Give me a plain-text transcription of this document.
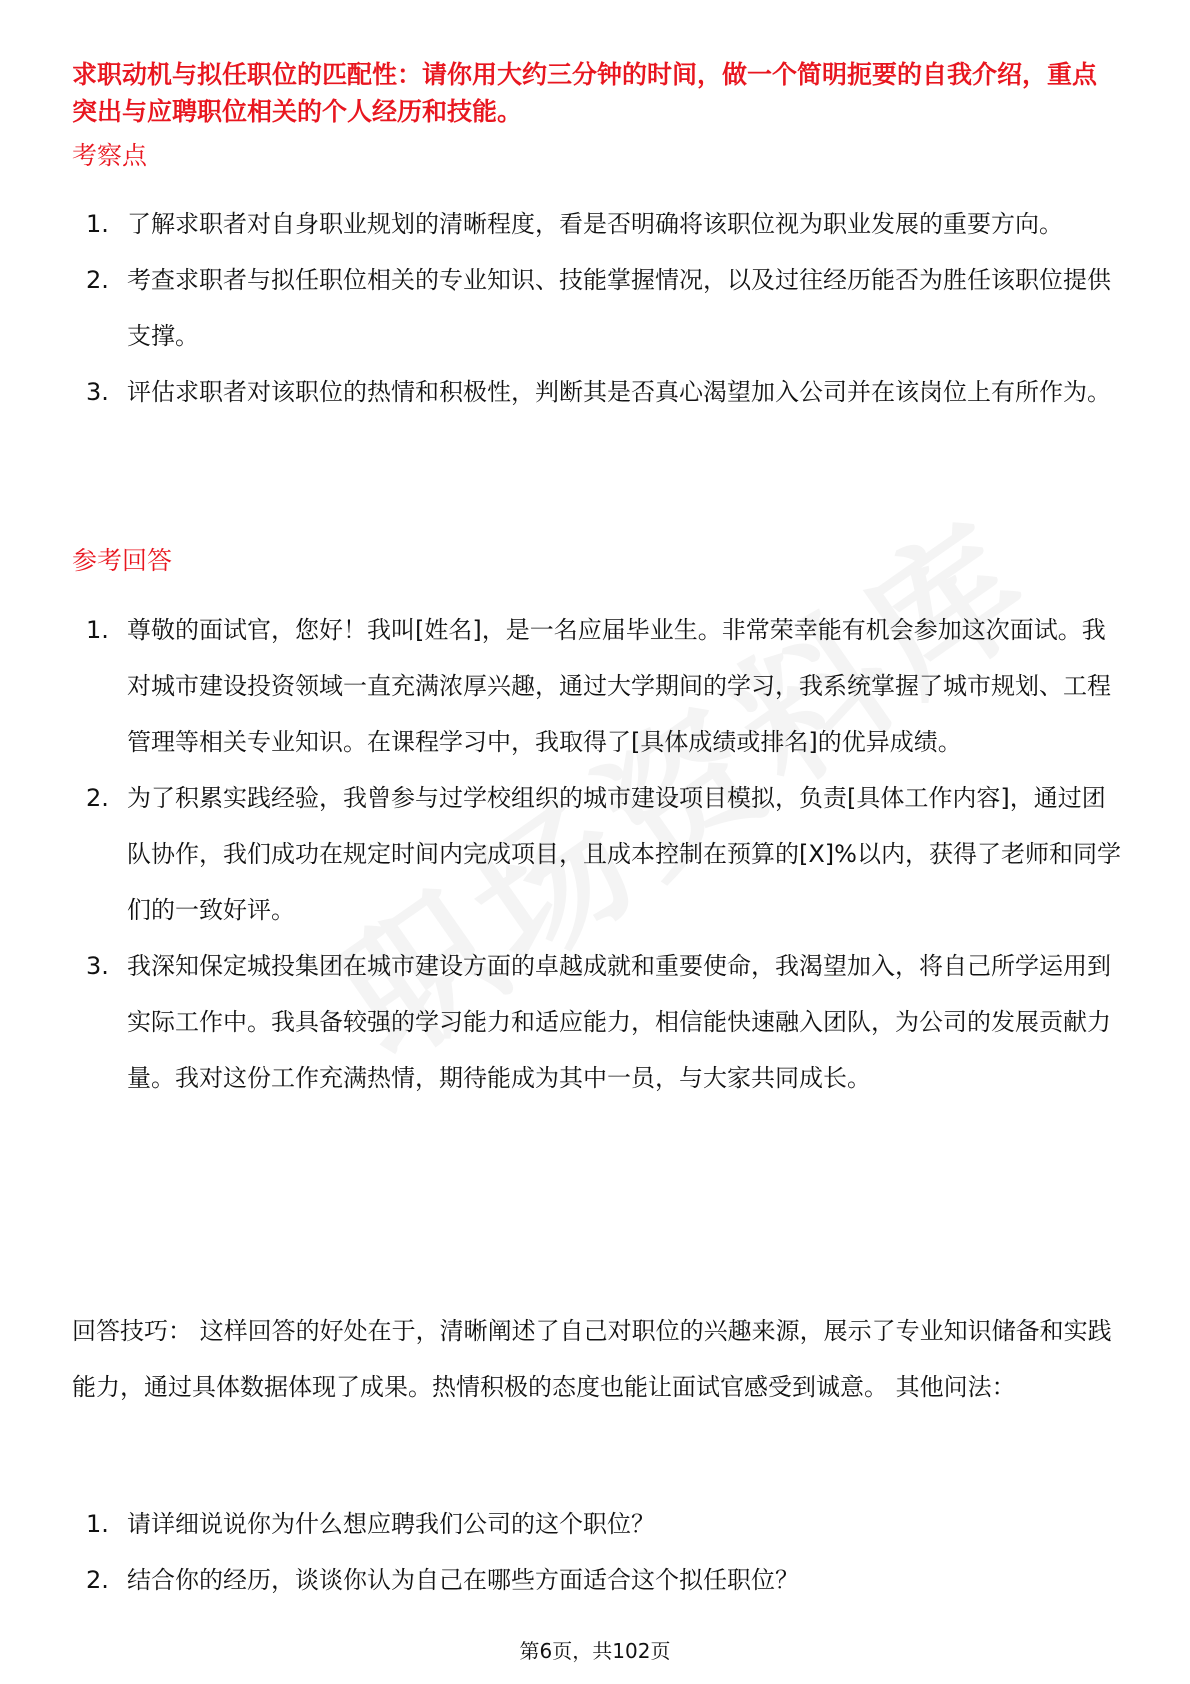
求职动机与拟任职位的匹配性：请你用大约三分钟的时间，做一个简明扼要的自我介绍，重点突出与应聘职位相关的个人经历和技能。

考察点
1. 了解求职者对自身职业规划的清晰程度，看是否明确将该职位视为职业发展的重要方向。
2. 考查求职者与拟任职位相关的专业知识、技能掌握情况，以及过往经历能否为胜任该职位提供支撑。
3. 评估求职者对该职位的热情和积极性，判断其是否真心渴望加入公司并在该岗位上有所作为。
参考回答
1. 尊敬的面试官，您好！我叫[姓名]，是一名应届毕业生。非常荣幸能有机会参加这次面试。我对城市建设投资领域一直充满浓厚兴趣，通过大学期间的学习，我系统掌握了城市规划、工程管理等相关专业知识。在课程学习中，我取得了[具体成绩或排名]的优异成绩。
2. 为了积累实践经验，我曾参与过学校组织的城市建设项目模拟，负责[具体工作内容]，通过团队协作，我们成功在规定时间内完成项目，且成本控制在预算的[X]%以内，获得了老师和同学们的一致好评。
3. 我深知保定城投集团在城市建设方面的卓越成就和重要使命，我渴望加入，将自己所学运用到实际工作中。我具备较强的学习能力和适应能力，相信能快速融入团队，为公司的发展贡献力量。我对这份工作充满热情，期待能成为其中一员，与大家共同成长。

回答技巧： 这样回答的好处在于，清晰阐述了自己对职位的兴趣来源，展示了专业知识储备和实践能力，通过具体数据体现了成果。热情积极的态度也能让面试官感受到诚意。 其他问法：

1. 请详细说说你为什么想应聘我们公司的这个职位？
2. 结合你的经历，谈谈你认为自己在哪些方面适合这个拟任职位？
第6页，共102页
